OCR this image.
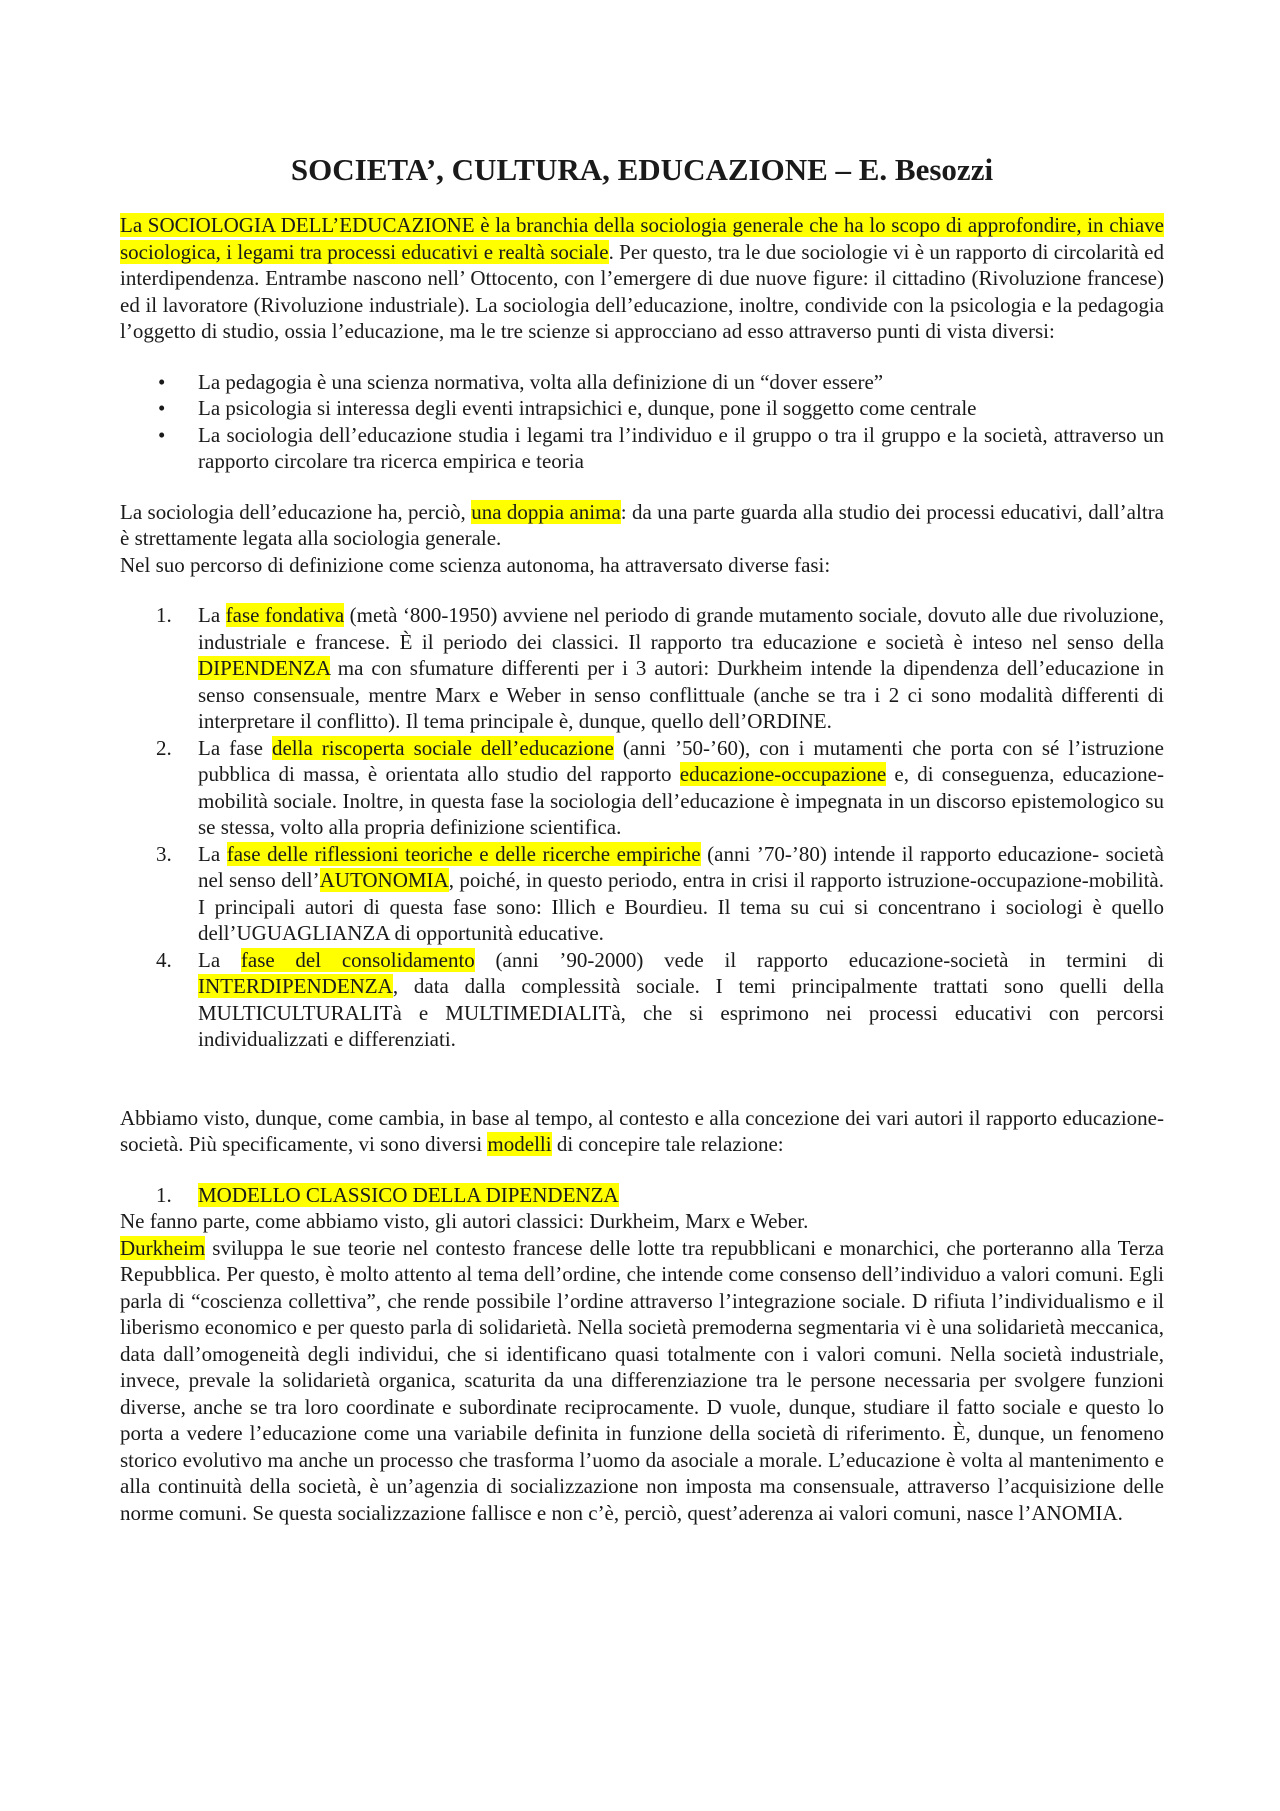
SOCIETA’, CULTURA, EDUCAZIONE – E. Besozzi

La SOCIOLOGIA DELL’EDUCAZIONE è la branchia della sociologia generale che ha lo scopo di approfondire, in chiave sociologica, i legami tra processi educativi e realtà sociale. Per questo, tra le due sociologie vi è un rapporto di circolarità ed interdipendenza. Entrambe nascono nell’ Ottocento, con l’emergere di due nuove figure: il cittadino (Rivoluzione francese) ed il lavoratore (Rivoluzione industriale). La sociologia dell’educazione, inoltre, condivide con la psicologia e la pedagogia l’oggetto di studio, ossia l’educazione, ma le tre scienze si approcciano ad esso attraverso punti di vista diversi:

• La pedagogia è una scienza normativa, volta alla definizione di un “dover essere”
• La psicologia si interessa degli eventi intrapsichici e, dunque, pone il soggetto come centrale
• La sociologia dell’educazione studia i legami tra l’individuo e il gruppo o tra il gruppo e la società, attraverso un rapporto circolare tra ricerca empirica e teoria

La sociologia dell’educazione ha, perciò, una doppia anima: da una parte guarda alla studio dei processi educativi, dall’altra è strettamente legata alla sociologia generale.

Nel suo percorso di definizione come scienza autonoma, ha attraversato diverse fasi:

1. La fase fondativa (metà ‘800-1950) avviene nel periodo di grande mutamento sociale, dovuto alle due rivoluzione, industriale e francese. È il periodo dei classici. Il rapporto tra educazione e società è inteso nel senso della DIPENDENZA ma con sfumature differenti per i 3 autori: Durkheim intende la dipendenza dell’educazione in senso consensuale, mentre Marx e Weber in senso conflittuale (anche se tra i 2 ci sono modalità differenti di interpretare il conflitto). Il tema principale è, dunque, quello dell’ORDINE.
2. La fase della riscoperta sociale dell’educazione (anni ’50-’60), con i mutamenti che porta con sé l’istruzione pubblica di massa, è orientata allo studio del rapporto educazione-occupazione e, di conseguenza, educazione-mobilità sociale. Inoltre, in questa fase la sociologia dell’educazione è impegnata in un discorso epistemologico su se stessa, volto alla propria definizione scientifica.
3. La fase delle riflessioni teoriche e delle ricerche empiriche (anni ’70-’80) intende il rapporto educazione- società nel senso dell’AUTONOMIA, poiché, in questo periodo, entra in crisi il rapporto istruzione-occupazione-mobilità. I principali autori di questa fase sono: Illich e Bourdieu. Il tema su cui si concentrano i sociologi è quello dell’UGUAGLIANZA di opportunità educative.
4. La fase del consolidamento (anni ’90-2000) vede il rapporto educazione-società in termini di INTERDIPENDENZA, data dalla complessità sociale. I temi principalmente trattati sono quelli della MULTICULTURALITà e MULTIMEDIALITà, che si esprimono nei processi educativi con percorsi individualizzati e differenziati.

Abbiamo visto, dunque, come cambia, in base al tempo, al contesto e alla concezione dei vari autori il rapporto educazione- società. Più specificamente, vi sono diversi modelli di concepire tale relazione:

1. MODELLO CLASSICO DELLA DIPENDENZA

Ne fanno parte, come abbiamo visto, gli autori classici: Durkheim, Marx e Weber.

Durkheim sviluppa le sue teorie nel contesto francese delle lotte tra repubblicani e monarchici, che porteranno alla Terza Repubblica. Per questo, è molto attento al tema dell’ordine, che intende come consenso dell’individuo a valori comuni. Egli parla di “coscienza collettiva”, che rende possibile l’ordine attraverso l’integrazione sociale. D rifiuta l’individualismo e il liberismo economico e per questo parla di solidarietà. Nella società premoderna segmentaria vi è una solidarietà meccanica, data dall’omogeneità degli individui, che si identificano quasi totalmente con i valori comuni. Nella società industriale, invece, prevale la solidarietà organica, scaturita da una differenziazione tra le persone necessaria per svolgere funzioni diverse, anche se tra loro coordinate e subordinate reciprocamente. D vuole, dunque, studiare il fatto sociale e questo lo porta a vedere l’educazione come una variabile definita in funzione della società di riferimento. È, dunque, un fenomeno storico evolutivo ma anche un processo che trasforma l’uomo da asociale a morale. L’educazione è volta al mantenimento e alla continuità della società, è un’agenzia di socializzazione non imposta ma consensuale, attraverso l’acquisizione delle norme comuni. Se questa socializzazione fallisce e non c’è, perciò, quest’aderenza ai valori comuni, nasce l’ANOMIA.
